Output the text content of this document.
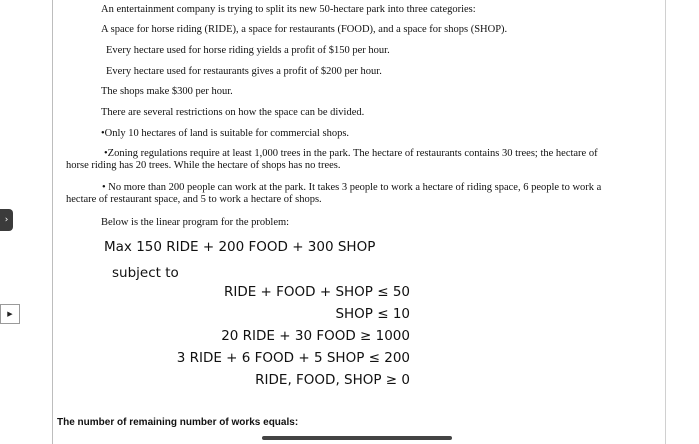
›
▶
An entertainment company is trying to split its new 50-hectare park into three categories:
A space for horse riding (RIDE), a space for restaurants (FOOD), and a space for shops (SHOP).
Every hectare used for horse riding yields a profit of $150 per hour.
Every hectare used for restaurants gives a profit of $200 per hour.
The shops make $300 per hour.
There are several restrictions on how the space can be divided.
•Only 10 hectares of land is suitable for commercial shops.
•Zoning regulations require at least 1,000 trees in the park. The hectare of restaurants contains 30 trees; the hectare of horse riding has 20 trees. While the hectare of shops has no trees.
• No more than 200 people can work at the park. It takes 3 people to work a hectare of riding space, 6 people to work a hectare of restaurant space, and 5 to work a hectare of shops.
Below is the linear program for the problem:
Max 150 RIDE + 200 FOOD + 300 SHOP
subject to
RIDE + FOOD + SHOP ≤ 50
SHOP ≤ 10
20 RIDE + 30 FOOD ≥ 1000
3 RIDE + 6 FOOD + 5 SHOP ≤ 200
RIDE, FOOD, SHOP ≥ 0
The number of remaining number of works equals:
